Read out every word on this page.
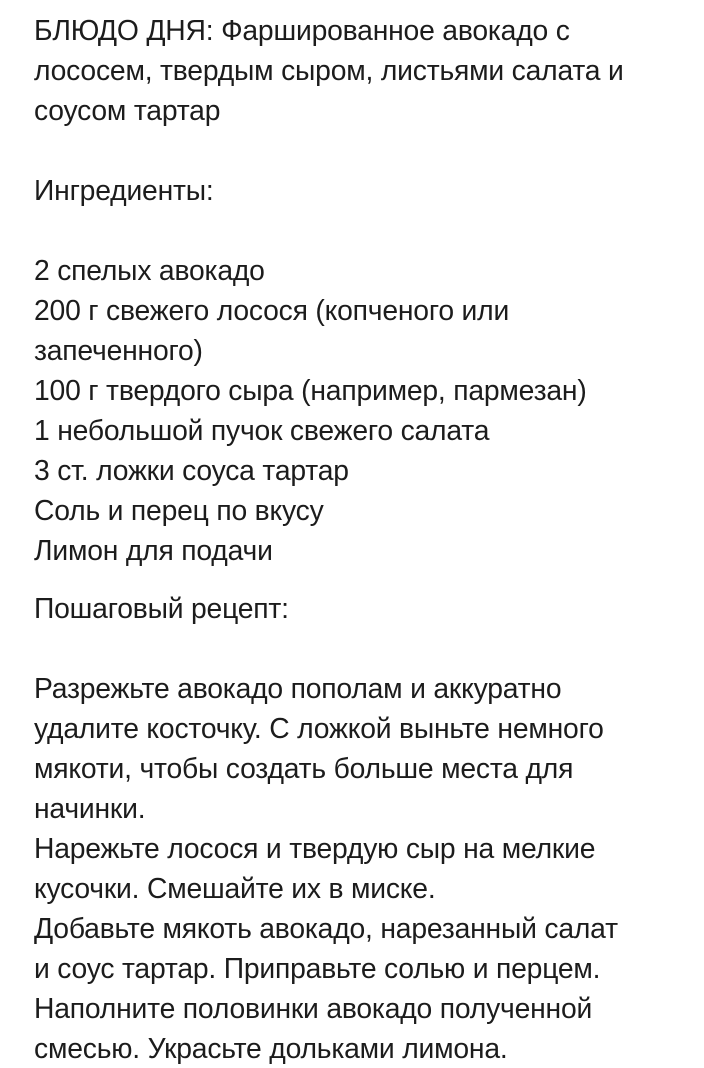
БЛЮДО ДНЯ: Фаршированное авокадо с
лососем, твердым сыром, листьями салата и
соусом тартар
Ингредиенты:
2 спелых авокадо
200 г свежего лосося (копченого или
запеченного)
100 г твердого сыра (например, пармезан)
1 небольшой пучок свежего салата
3 ст. ложки соуса тартар
Соль и перец по вкусу
Лимон для подачи
Пошаговый рецепт:
Разрежьте авокадо пополам и аккуратно
удалите косточку. С ложкой выньте немного
мякоти, чтобы создать больше места для
начинки.
Нарежьте лосося и твердую сыр на мелкие
кусочки. Смешайте их в миске.
Добавьте мякоть авокадо, нарезанный салат
и соус тартар. Приправьте солью и перцем.
Наполните половинки авокадо полученной
смесью. Украсьте дольками лимона.
